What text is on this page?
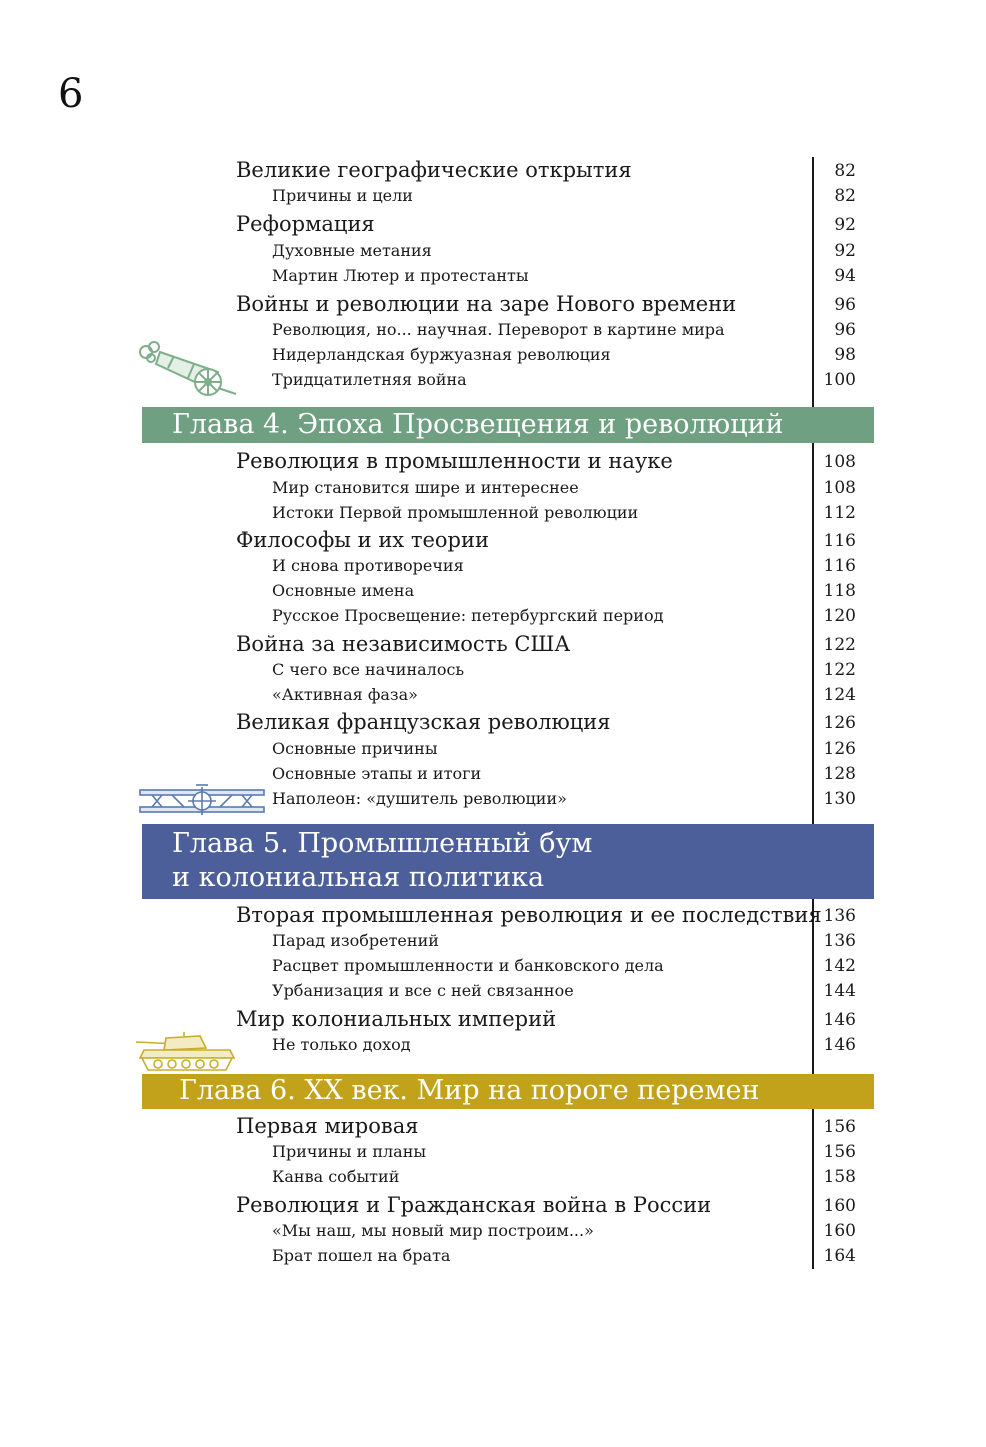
6
Великие географические открытия	82
Причины и цели	82
Реформация	92
Духовные метания	92
Мартин Лютер и протестанты	94
Войны и революции на заре Нового времени	96
Революция, но... научная. Переворот в картине мира	96
Нидерландская буржуазная революция	98
Тридцатилетняя война	100
Глава 4. Эпоха Просвещения и революций
Революция в промышленности и науке	108
Мир становится шире и интереснее	108
Истоки Первой промышленной революции	112
Философы и их теории	116
И снова противоречия	116
Основные имена	118
Русское Просвещение: петербургский период	120
Война за независимость США	122
С чего все начиналось	122
«Активная фаза»	124
Великая французская революция	126
Основные причины	126
Основные этапы и итоги	128
Наполеон: «душитель революции»	130
Глава 5. Промышленный бум
и колониальная политика
Вторая промышленная революция и ее последствия 136
Парад изобретений	136
Расцвет промышленности и банковского дела	142
Урбанизация и все с ней связанное	144
Мир колониальных империй	146
Не только доход	146
Глава 6. XX век. Мир на пороге перемен
Первая мировая	156
Причины и планы	156
Канва событий	158
Революция и Гражданская война в России	160
«Мы наш, мы новый мир построим...»	160
Брат пошел на брата	164
